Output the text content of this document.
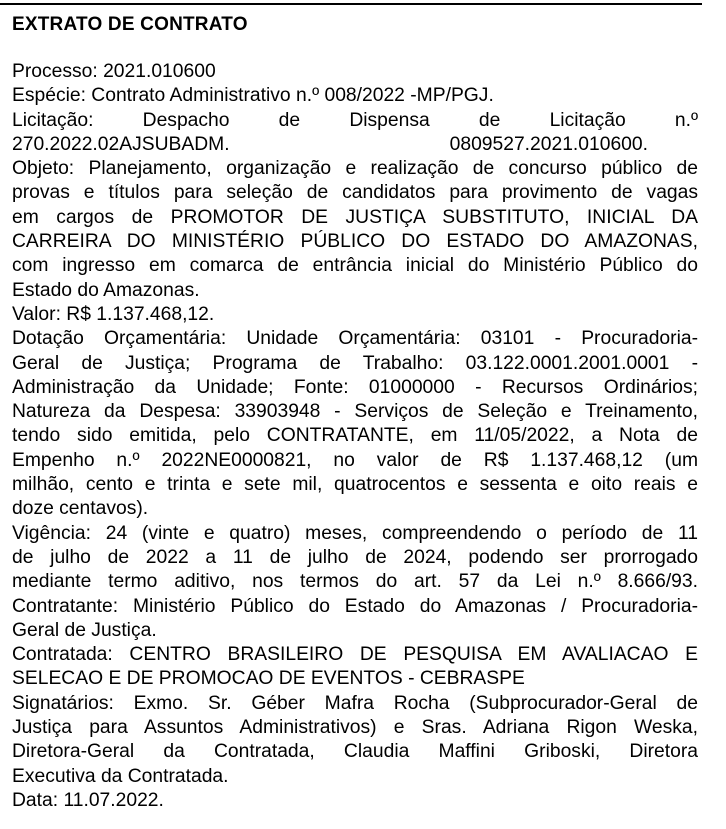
EXTRATO DE CONTRATO
Processo: 2021.010600
Espécie: Contrato Administrativo n.º 008/2022 -MP/PGJ.
Licitação: Despacho de Dispensa de Licitação n.º
270.2022.02AJSUBADM. 0809527.2021.010600.
Objeto: Planejamento, organização e realização de concurso público de
provas e títulos para seleção de candidatos para provimento de vagas
em cargos de PROMOTOR DE JUSTIÇA SUBSTITUTO, INICIAL DA
CARREIRA DO MINISTÉRIO PÚBLICO DO ESTADO DO AMAZONAS,
com ingresso em comarca de entrância inicial do Ministério Público do
Estado do Amazonas.
Valor: R$ 1.137.468,12.
Dotação Orçamentária: Unidade Orçamentária: 03101 - Procuradoria-
Geral de Justiça; Programa de Trabalho: 03.122.0001.2001.0001 -
Administração da Unidade; Fonte: 01000000 - Recursos Ordinários;
Natureza da Despesa: 33903948 - Serviços de Seleção e Treinamento,
tendo sido emitida, pelo CONTRATANTE, em 11/05/2022, a Nota de
Empenho n.º 2022NE0000821, no valor de R$ 1.137.468,12 (um
milhão, cento e trinta e sete mil, quatrocentos e sessenta e oito reais e
doze centavos).
Vigência: 24 (vinte e quatro) meses, compreendendo o período de 11
de julho de 2022 a 11 de julho de 2024, podendo ser prorrogado
mediante termo aditivo, nos termos do art. 57 da Lei n.º 8.666/93.
Contratante: Ministério Público do Estado do Amazonas / Procuradoria-
Geral de Justiça.
Contratada: CENTRO BRASILEIRO DE PESQUISA EM AVALIACAO E
SELECAO E DE PROMOCAO DE EVENTOS - CEBRASPE
Signatários: Exmo. Sr. Géber Mafra Rocha (Subprocurador-Geral de
Justiça para Assuntos Administrativos) e Sras. Adriana Rigon Weska,
Diretora-Geral da Contratada, Claudia Maffini Griboski, Diretora
Executiva da Contratada.
Data: 11.07.2022.
